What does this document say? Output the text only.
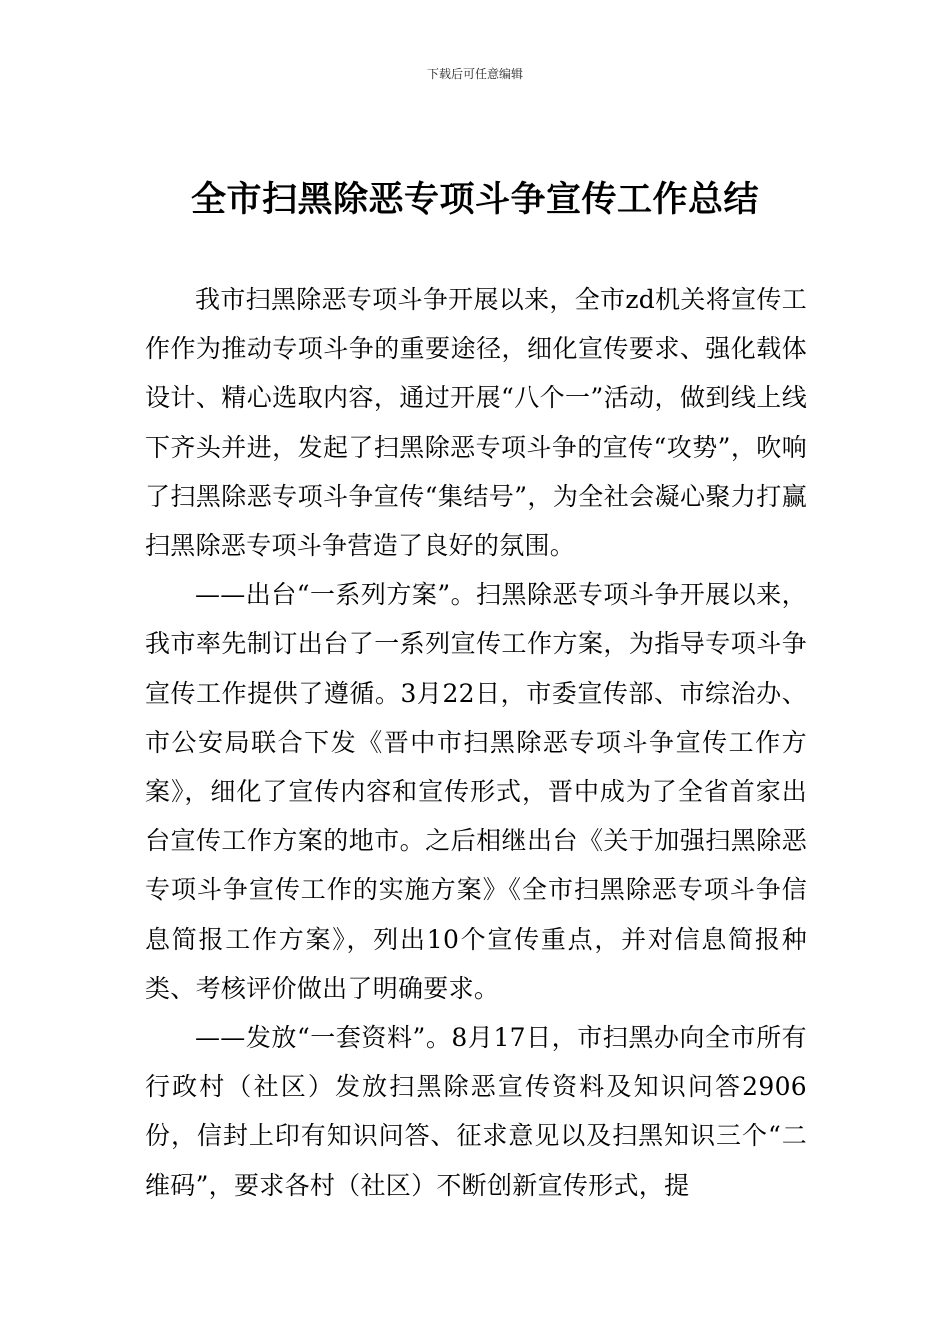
下载后可任意编辑
全市扫黑除恶专项斗争宣传工作总结

我市扫黑除恶专项斗争开展以来，全市zd机关将宣传工作作为推动专项斗争的重要途径，细化宣传要求、强化载体设计、精心选取内容，通过开展“八个一”活动，做到线上线下齐头并进，发起了扫黑除恶专项斗争的宣传“攻势”，吹响了扫黑除恶专项斗争宣传“集结号”，为全社会凝心聚力打赢扫黑除恶专项斗争营造了良好的氛围。

——出台“一系列方案”。扫黑除恶专项斗争开展以来，我市率先制订出台了一系列宣传工作方案，为指导专项斗争宣传工作提供了遵循。3月22日，市委宣传部、市综治办、市公安局联合下发《晋中市扫黑除恶专项斗争宣传工作方案》，细化了宣传内容和宣传形式，晋中成为了全省首家出台宣传工作方案的地市。之后相继出台《关于加强扫黑除恶专项斗争宣传工作的实施方案》《全市扫黑除恶专项斗争信息简报工作方案》，列出10个宣传重点，并对信息简报种类、考核评价做出了明确要求。

——发放“一套资料”。8月17日，市扫黑办向全市所有行政村（社区）发放扫黑除恶宣传资料及知识问答2906份，信封上印有知识问答、征求意见以及扫黑知识三个“二维码”，要求各村（社区）不断创新宣传形式，提
